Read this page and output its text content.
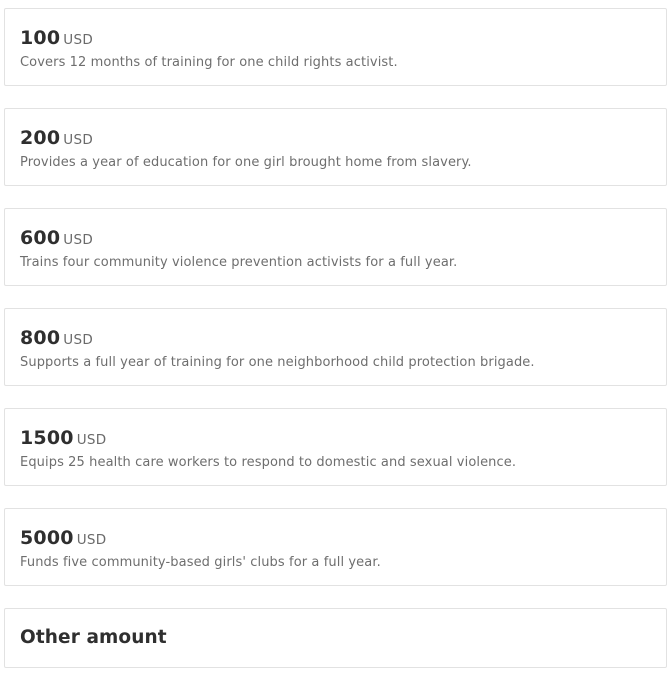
100 USD
Covers 12 months of training for one child rights activist.
200 USD
Provides a year of education for one girl brought home from slavery.
600 USD
Trains four community violence prevention activists for a full year.
800 USD
Supports a full year of training for one neighborhood child protection brigade.
1500 USD
Equips 25 health care workers to respond to domestic and sexual violence.
5000 USD
Funds five community-based girls' clubs for a full year.
Other amount
